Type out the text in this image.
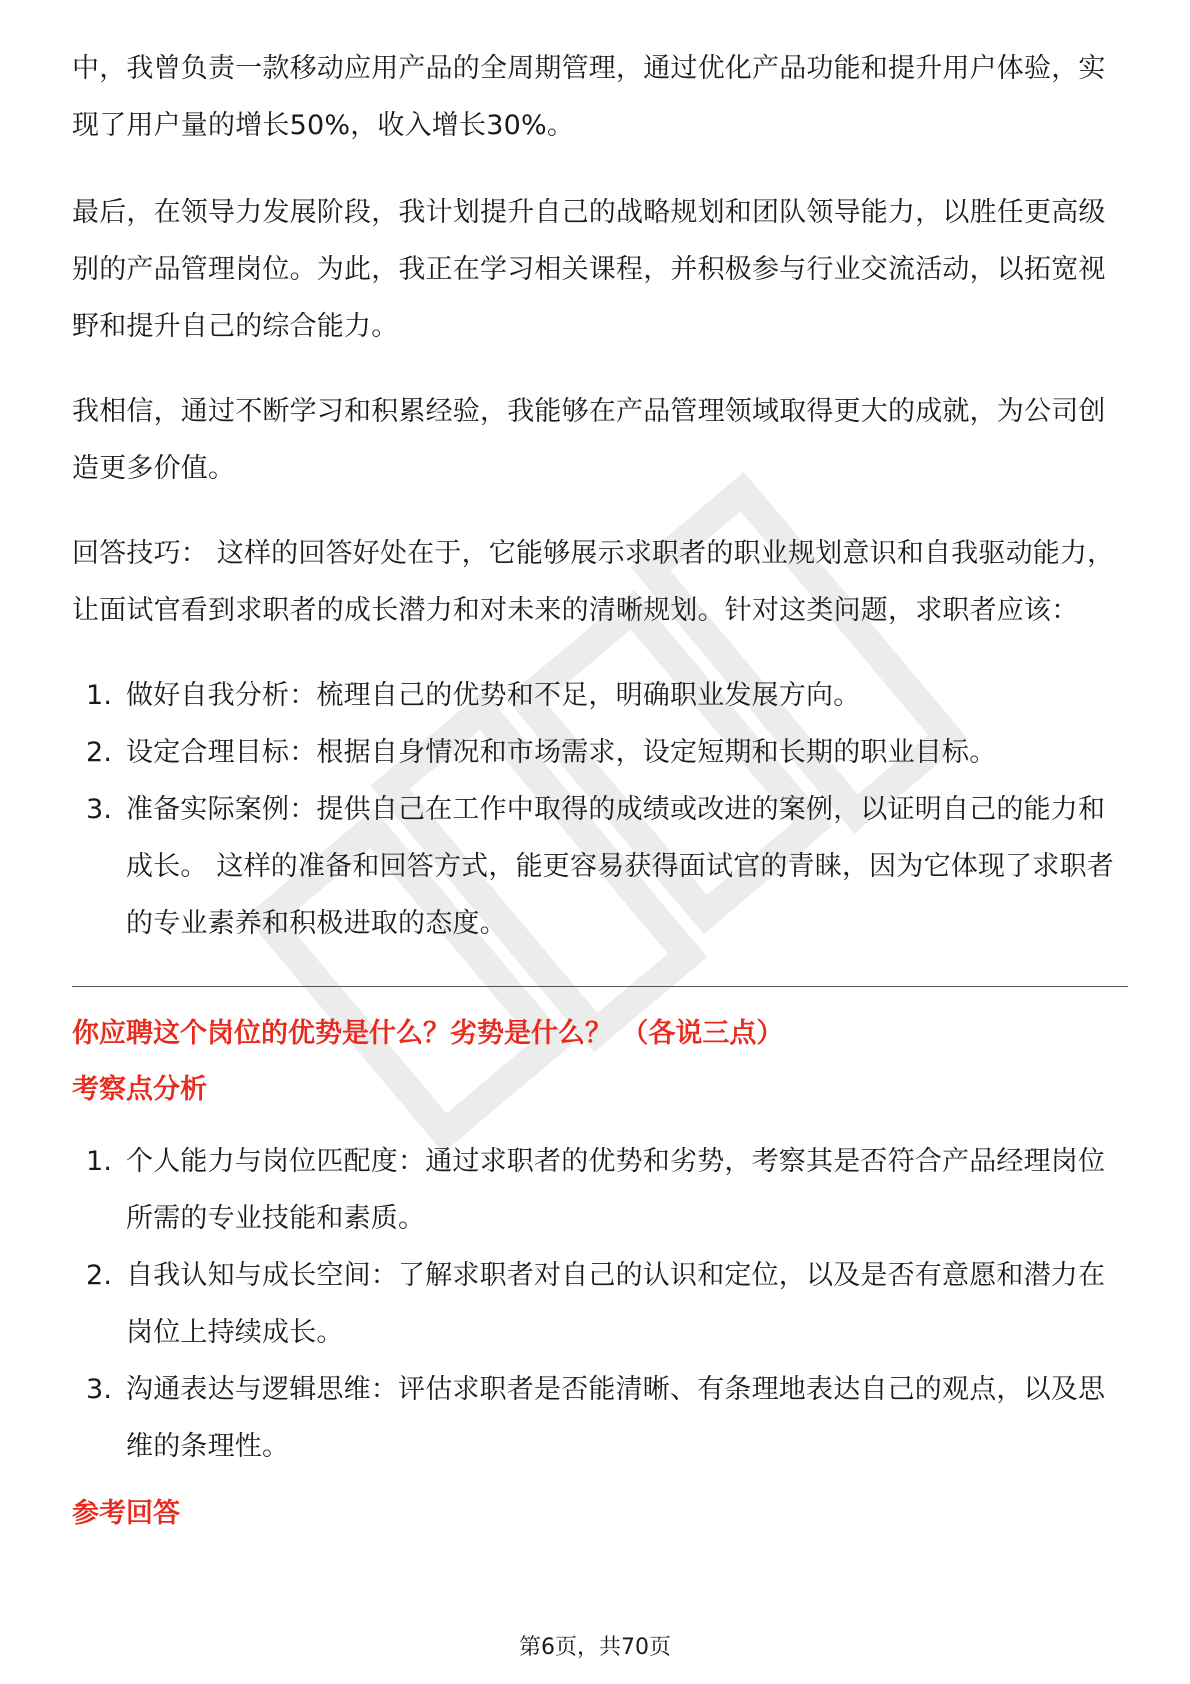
中，我曾负责一款移动应用产品的全周期管理，通过优化产品功能和提升用户体验，实现了用户量的增长50%，收入增长30%。

最后，在领导力发展阶段，我计划提升自己的战略规划和团队领导能力，以胜任更高级别的产品管理岗位。为此，我正在学习相关课程，并积极参与行业交流活动，以拓宽视野和提升自己的综合能力。

我相信，通过不断学习和积累经验，我能够在产品管理领域取得更大的成就，为公司创造更多价值。

回答技巧： 这样的回答好处在于，它能够展示求职者的职业规划意识和自我驱动能力，让面试官看到求职者的成长潜力和对未来的清晰规划。针对这类问题，求职者应该：

1. 做好自我分析：梳理自己的优势和不足，明确职业发展方向。
2. 设定合理目标：根据自身情况和市场需求，设定短期和长期的职业目标。
3. 准备实际案例：提供自己在工作中取得的成绩或改进的案例，以证明自己的能力和成长。 这样的准备和回答方式，能更容易获得面试官的青睐，因为它体现了求职者的专业素养和积极进取的态度。
你应聘这个岗位的优势是什么？劣势是什么？ （各说三点）
考察点分析
1. 个人能力与岗位匹配度：通过求职者的优势和劣势，考察其是否符合产品经理岗位所需的专业技能和素质。
2. 自我认知与成长空间：了解求职者对自己的认识和定位，以及是否有意愿和潜力在岗位上持续成长。
3. 沟通表达与逻辑思维：评估求职者是否能清晰、有条理地表达自己的观点，以及思维的条理性。
参考回答
第6页，共70页
